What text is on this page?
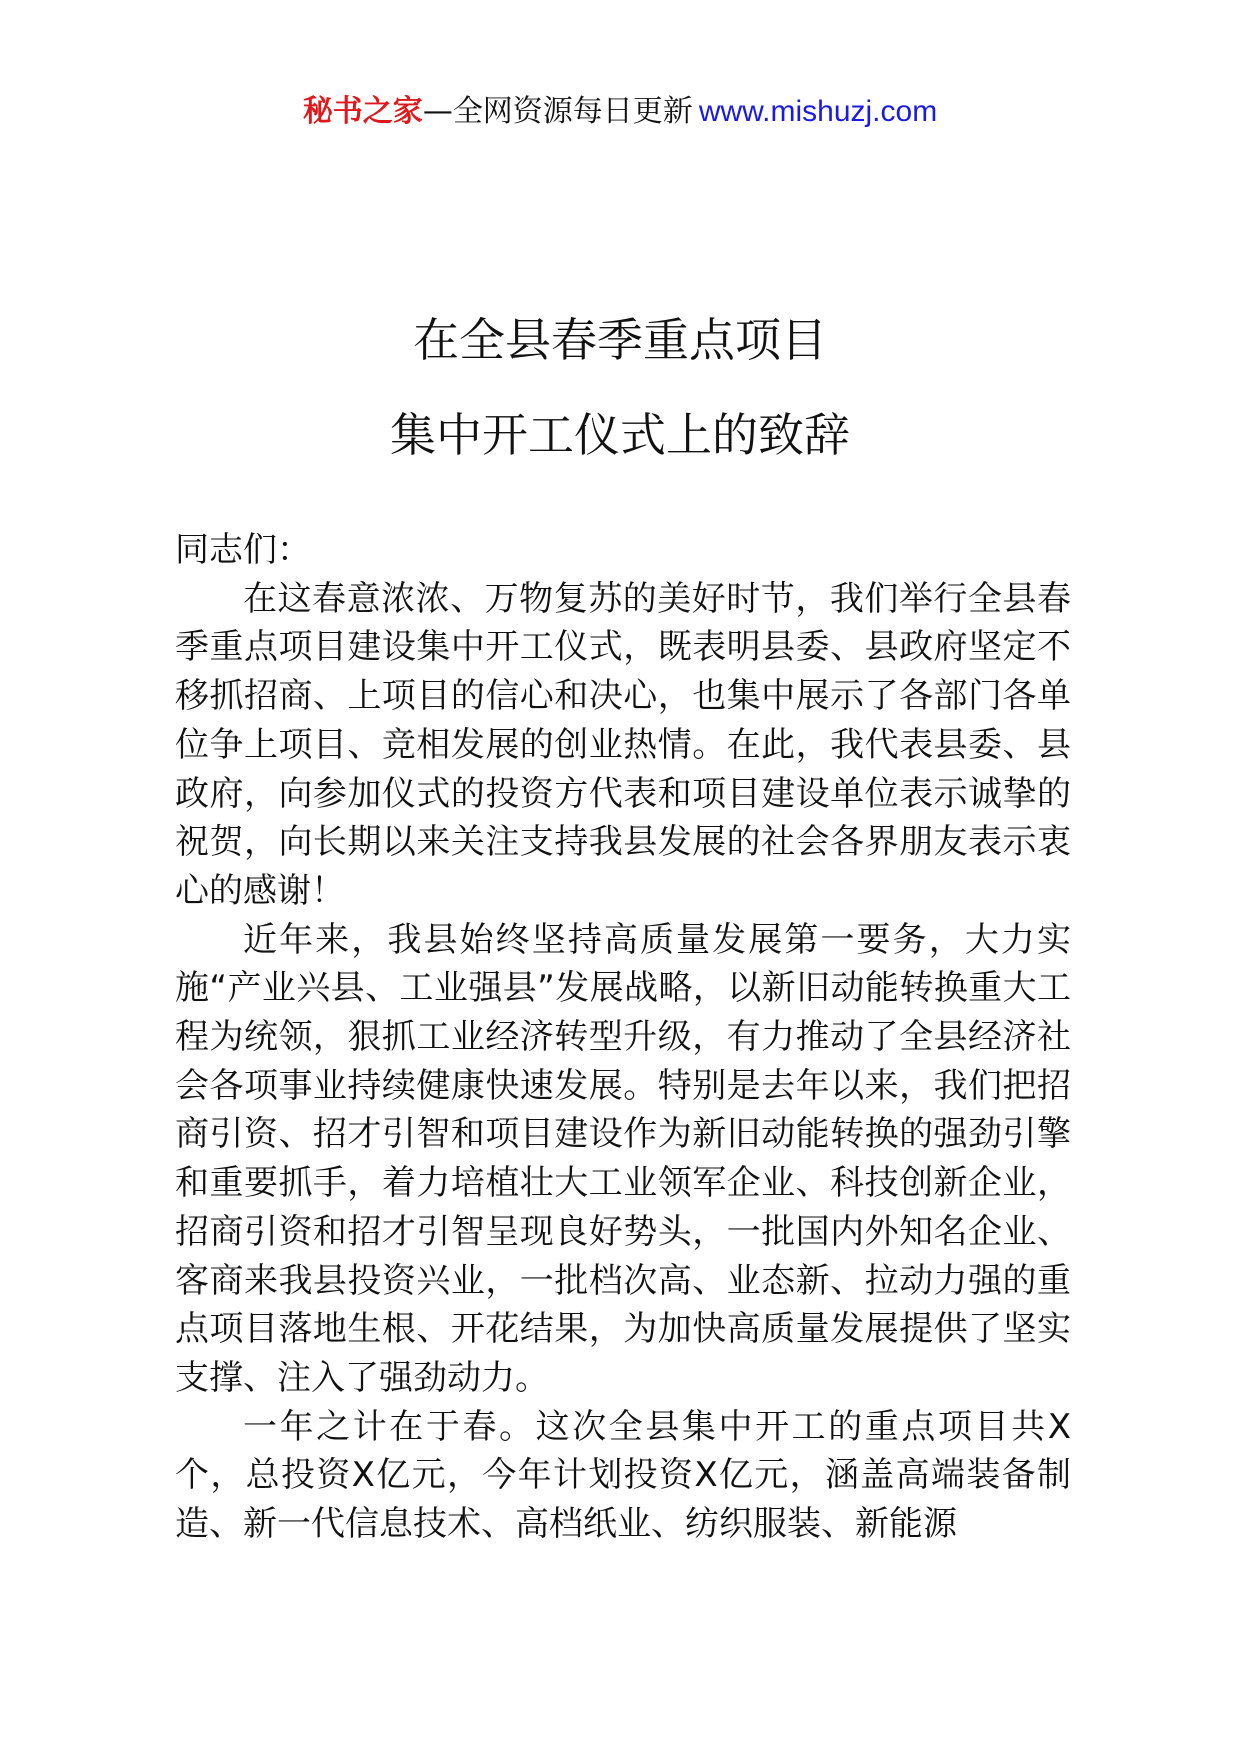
秘书之家—全网资源每日更新 www.mishuzj.com
在全县春季重点项目
集中开工仪式上的致辞

同志们：

在这春意浓浓、万物复苏的美好时节，我们举行全县春季重点项目建设集中开工仪式，既表明县委、县政府坚定不移抓招商、上项目的信心和决心，也集中展示了各部门各单位争上项目、竞相发展的创业热情。在此，我代表县委、县政府，向参加仪式的投资方代表和项目建设单位表示诚挚的祝贺，向长期以来关注支持我县发展的社会各界朋友表示衷心的感谢！

近年来，我县始终坚持高质量发展第一要务，大力实施“产业兴县、工业强县”发展战略，以新旧动能转换重大工程为统领，狠抓工业经济转型升级，有力推动了全县经济社会各项事业持续健康快速发展。特别是去年以来，我们把招商引资、招才引智和项目建设作为新旧动能转换的强劲引擎和重要抓手，着力培植壮大工业领军企业、科技创新企业，招商引资和招才引智呈现良好势头，一批国内外知名企业、客商来我县投资兴业，一批档次高、业态新、拉动力强的重点项目落地生根、开花结果，为加快高质量发展提供了坚实支撑、注入了强劲动力。

一年之计在于春。这次全县集中开工的重点项目共X个，总投资X亿元，今年计划投资X亿元，涵盖高端装备制造、新一代信息技术、高档纸业、纺织服装、新能源
